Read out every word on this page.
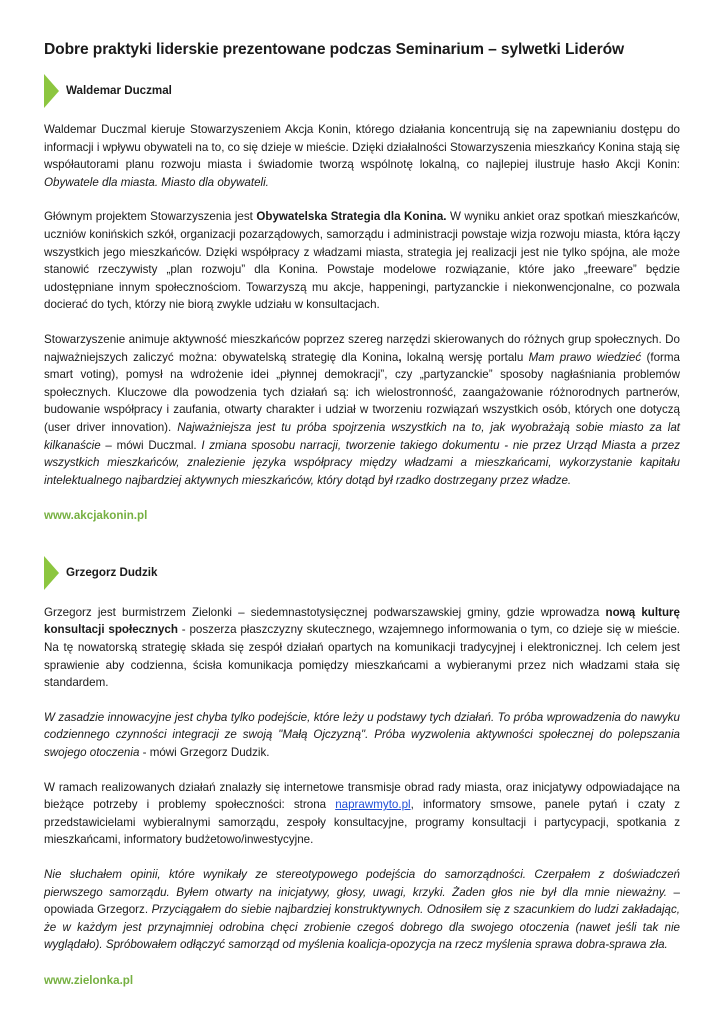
Dobre praktyki liderskie prezentowane podczas Seminarium – sylwetki Liderów
Waldemar Duczmal

Waldemar Duczmal kieruje Stowarzyszeniem Akcja Konin, którego działania koncentrują się na zapewnianiu dostępu do informacji i wpływu obywateli na to, co się dzieje w mieście. Dzięki działalności Stowarzyszenia mieszkańcy Konina stają się współautorami planu rozwoju miasta i świadomie tworzą wspólnotę lokalną, co najlepiej ilustruje hasło Akcji Konin: Obywatele dla miasta. Miasto dla obywateli.

Głównym projektem Stowarzyszenia jest Obywatelska Strategia dla Konina. W wyniku ankiet oraz spotkań mieszkańców, uczniów konińskich szkół, organizacji pozarządowych, samorządu i administracji powstaje wizja rozwoju miasta, która łączy wszystkich jego mieszkańców. Dzięki współpracy z władzami miasta, strategia jej realizacji jest nie tylko spójna, ale może stanowić rzeczywisty „plan rozwoju” dla Konina. Powstaje modelowe rozwiązanie, które jako „freeware” będzie udostępniane innym społecznościom. Towarzyszą mu akcje, happeningi, partyzanckie i niekonwencjonalne, co pozwala docierać do tych, którzy nie biorą zwykle udziału w konsultacjach.

Stowarzyszenie animuje aktywność mieszkańców poprzez szereg narzędzi skierowanych do różnych grup społecznych. Do najważniejszych zaliczyć można: obywatelską strategię dla Konina, lokalną wersję portalu Mam prawo wiedzieć (forma smart voting), pomysł na wdrożenie idei „płynnej demokracji”, czy „partyzanckie” sposoby nagłaśniania problemów społecznych. Kluczowe dla powodzenia tych działań są: ich wielostronność, zaangażowanie różnorodnych partnerów, budowanie współpracy i zaufania, otwarty charakter i udział w tworzeniu rozwiązań wszystkich osób, których one dotyczą (user driver innovation). Najważniejsza jest tu próba spojrzenia wszystkich na to, jak wyobrażają sobie miasto za lat kilkanaście – mówi Duczmal. I zmiana sposobu narracji, tworzenie takiego dokumentu - nie przez Urząd Miasta a przez wszystkich mieszkańców, znalezienie języka współpracy między władzami a mieszkańcami, wykorzystanie kapitału intelektualnego najbardziej aktywnych mieszkańców, który dotąd był rzadko dostrzegany przez władze.

www.akcjakonin.pl
Grzegorz Dudzik

Grzegorz jest burmistrzem Zielonki – siedemnastotysięcznej podwarszawskiej gminy, gdzie wprowadza nową kulturę konsultacji społecznych - poszerza płaszczyzny skutecznego, wzajemnego informowania o tym, co dzieje się w mieście. Na tę nowatorską strategię składa się zespół działań opartych na komunikacji tradycyjnej i elektronicznej. Ich celem jest sprawienie aby codzienna, ścisła komunikacja pomiędzy mieszkańcami a wybieranymi przez nich władzami stała się standardem.

W zasadzie innowacyjne jest chyba tylko podejście, które leży u podstawy tych działań. To próba wprowadzenia do nawyku codziennego czynności integracji ze swoją "Małą Ojczyzną". Próba wyzwolenia aktywności społecznej do polepszania swojego otoczenia - mówi Grzegorz Dudzik.

W ramach realizowanych działań znalazły się internetowe transmisje obrad rady miasta, oraz inicjatywy odpowiadające na bieżące potrzeby i problemy społeczności: strona naprawmyto.pl, informatory smsowe, panele pytań i czaty z przedstawicielami wybieralnymi samorządu, zespoły konsultacyjne, programy konsultacji i partycypacji, spotkania z mieszkańcami, informatory budżetowo/inwestycyjne.

Nie słuchałem opinii, które wynikały ze stereotypowego podejścia do samorządności. Czerpałem z doświadczeń pierwszego samorządu. Byłem otwarty na inicjatywy, głosy, uwagi, krzyki. Żaden głos nie był dla mnie nieważny. – opowiada Grzegorz. Przyciągałem do siebie najbardziej konstruktywnych. Odnosiłem się z szacunkiem do ludzi zakładając, że w każdym jest przynajmniej odrobina chęci zrobienie czegoś dobrego dla swojego otoczenia (nawet jeśli tak nie wyglądało). Spróbowałem odłączyć samorząd od myślenia koalicja-opozycja na rzecz myślenia sprawa dobra-sprawa zła.

www.zielonka.pl
